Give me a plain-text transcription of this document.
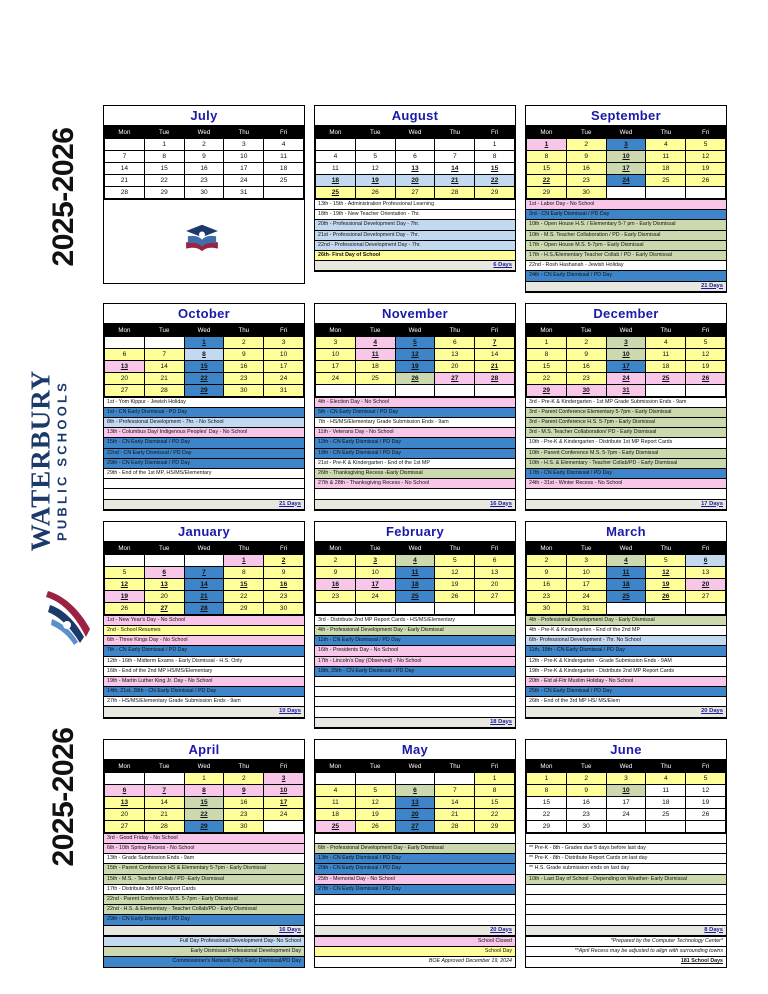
2025-2026
2025-2026
WATERBURY PUBLIC SCHOOLS
July
Mon	Tue	Wed	Thu	Fri
	1	2	3	4
7	8	9	10	11
14	15	16	17	18
21	22	23	24	25
28	29	30	31	
August
Mon	Tue	Wed	Thu	Fri
				1
4	5	6	7	8
11	12	13	14	15
18	19	20	21	22
25	26	27	28	29
13th - 15th - Administration Professional Learning
18th - 19th - New Teacher Orientation - 7hr.
20th - Professional Development Day - 7hr.
21st - Professional Development Day - 7hr.
22nd - Professional Development Day - 7hr.
26th- First Day of School
6 Days
September
Mon	Tue	Wed	Thu	Fri
1	2	3	4	5
8	9	10	11	12
15	16	17	18	19
22	23	24	25	26
29	30			
1st - Labor Day - No School
3rd - CN Early Dismissal / PD Day
10th - Open House H.S. / Elementary 5-7 pm - Early Dismissal
10th - M.S. Teacher Collaboration / PD - Early Dismissal
17th - Open House M.S. 5-7pm - Early Dismissal
17th - H.S./Elementary Teacher Collab / PD - Early Dismissal
22nd - Rosh Hashanah - Jewish Holiday
24th - CN Early Dismissal / PD Day
21 Days
October
Mon	Tue	Wed	Thu	Fri
		1	2	3
6	7	8	9	10
13	14	15	16	17
20	21	22	23	24
27	28	29	30	31
1st - Yom Kippur - Jewish Holiday
1st - CN Early Dismissal - PD Day
8th - Professional Development - 7hr. - No School
13th - Columbus Day/ Indigenous Peoples' Day - No School
15th - CN Early Dismissal / PD Day
22nd - CN Early Dismissal / PD Day
29th - CN Early Dismissal / PD Day
29th - End of the 1st MP, HS/MS/Elementary

21 Days
November
Mon	Tue	Wed	Thu	Fri
3	4	5	6	7
10	11	12	13	14
17	18	19	20	21
24	25	26	27	28

4th - Election Day - No School
5th - CN Early Dismissal / PD Day
7th - HS/MS/Elementary Grade Submission Ends - 9am
11th - Veterans Day - No School
12th - CN Early Dismissal / PD Day
19th - CN Early Dismissal / PD Day
21st - Pre-K & Kindergarten - End of the 1st MP
26th - Thanksgiving Recess -Early Dismissal
27th & 28th - Thanksgiving Recess - No School

16 Days
December
Mon	Tue	Wed	Thu	Fri
1	2	3	4	5
8	9	10	11	12
15	16	17	18	19
22	23	24	25	26
29	30	31		
3rd - Pre-K & Kindergarten - 1st MP Grade Submission Ends - 9am
3rd - Parent Conference Elementary 5-7pm - Early Dismissal
3rd - Parent Conference H.S. 5-7pm - Early Dismissal
3rd - M.S. Teacher Collaboration/ PD - Early Dismissal
10th - Pre-K & Kindergarten - Distribute 1st MP Report Cards
10th - Parent Conference M.S. 5-7pm - Early Dismissal
10th - H.S. & Elementary - Teacher Collab/PD - Early Dismissal
17th - CN Early Dismissal / PD Day
24th - 31st - Winter Recess - No School

17 Days
January
Mon	Tue	Wed	Thu	Fri
			1	2
5	6	7	8	9
12	13	14	15	16
19	20	21	22	23
26	27	28	29	30
1st - New Year's Day - No School
2nd - School Resumes
6th - Three Kings Day - No School
7th - CN Early Dismissal / PD Day
12th - 16th - Midterm Exams - Early Dismissal - H.S. Only
16th - End of the 2nd MP HS/MS/Elementary
19th - Martin Luther King Jr. Day - No School
14th, 21st, 28th - CN Early Dismissal / PD Day
27th - HS/MS/Elementary Grade Submission Ends - 9am
19 Days
February
Mon	Tue	Wed	Thu	Fri
2	3	4	5	6
9	10	11	12	13
16	17	18	19	20
23	24	25	26	27

3rd - Distribute 2nd MP Report Cards - HS/MS/Elementary
4th - Professional Development Day - Early Dismissal
11th - CN Early Dismissal / PD Day
16th - Presidents Day - No School
17th - Lincoln's Day (Observed) - No School
18th, 25th - CN Early Dismissal / PD Day

18 Days
March
Mon	Tue	Wed	Thu	Fri
2	3	4	5	6
9	10	11	12	13
16	17	18	19	20
23	24	25	26	27
30	31			
4th - Professional Development Day - Early Dismissal
4th - Pre-K & Kindergarten - End of the 2nd MP
6th- Professional Development - 7hr. No School
11th, 18th - CN Early Dismissal / PD Day
12th - Pre-K & Kindergarten - Grade Submission Ends - 9AM
19th - Pre-K & Kindergarten - Distribute 2nd MP Report Cards
20th - Eid al-Fitr Muslim Holiday - No School
25th - CN Early Dismissal / PD Day
26th - End of the 3rd MP HS/ MS/Elem
20 Days
April
Mon	Tue	Wed	Thu	Fri
		1	2	3
6	7	8	9	10
13	14	15	16	17
20	21	22	23	24
27	28	29	30	
3rd - Good Friday - No School
6th - 10th Spring Recess - No School
13th - Grade Submission Ends - 9am
15th - Parent Conference HS & Elementary 5-7pm - Early Dismissal
15th - M.S. - Teacher Collab / PD -Early Dismissal
17th - Distribute 3rd MP Report Cards
22nd - Parent Conference M.S. 5-7pm - Early Dismissal
22nd - H.S. & Elementary - Teacher Collab/PD - Early Dismissal
29th - CN Early Dismissal / PD Day
16 Days
Full Day Professional Development Day- No School
Early Dismissal Professional Development Day
Commissioner's Network (CN) Early Dismissal/PD Day
May
Mon	Tue	Wed	Thu	Fri
				1
4	5	6	7	8
11	12	13	14	15
18	19	20	21	22
25	26	27	28	29

6th - Professional Development Day - Early Dismissal
13th - CN Early Dismissal / PD Day
20th - CN Early Dismissal / PD Day
25th - Memorial Day - No School
27th - CN Early Dismissal / PD Day

20 Days
School Closed
School Day
BOE Approved December 19, 2024
June
Mon	Tue	Wed	Thu	Fri
1	2	3	4	5
8	9	10	11	12
15	16	17	18	19
22	23	24	25	26
29	30			

** Pre-K - 8th - Grades due 5 days before last day
** Pre-K - 8th - Distribute Report Cards on last day
** H.S. Grade submission ends on last day
10th - Last Day of School - Depending on Weather- Early Dismissal

8 Days
*Prepared by the Computer Technology Center*
**April Recess may be adjusted to align with surrounding towns
181 School Days
